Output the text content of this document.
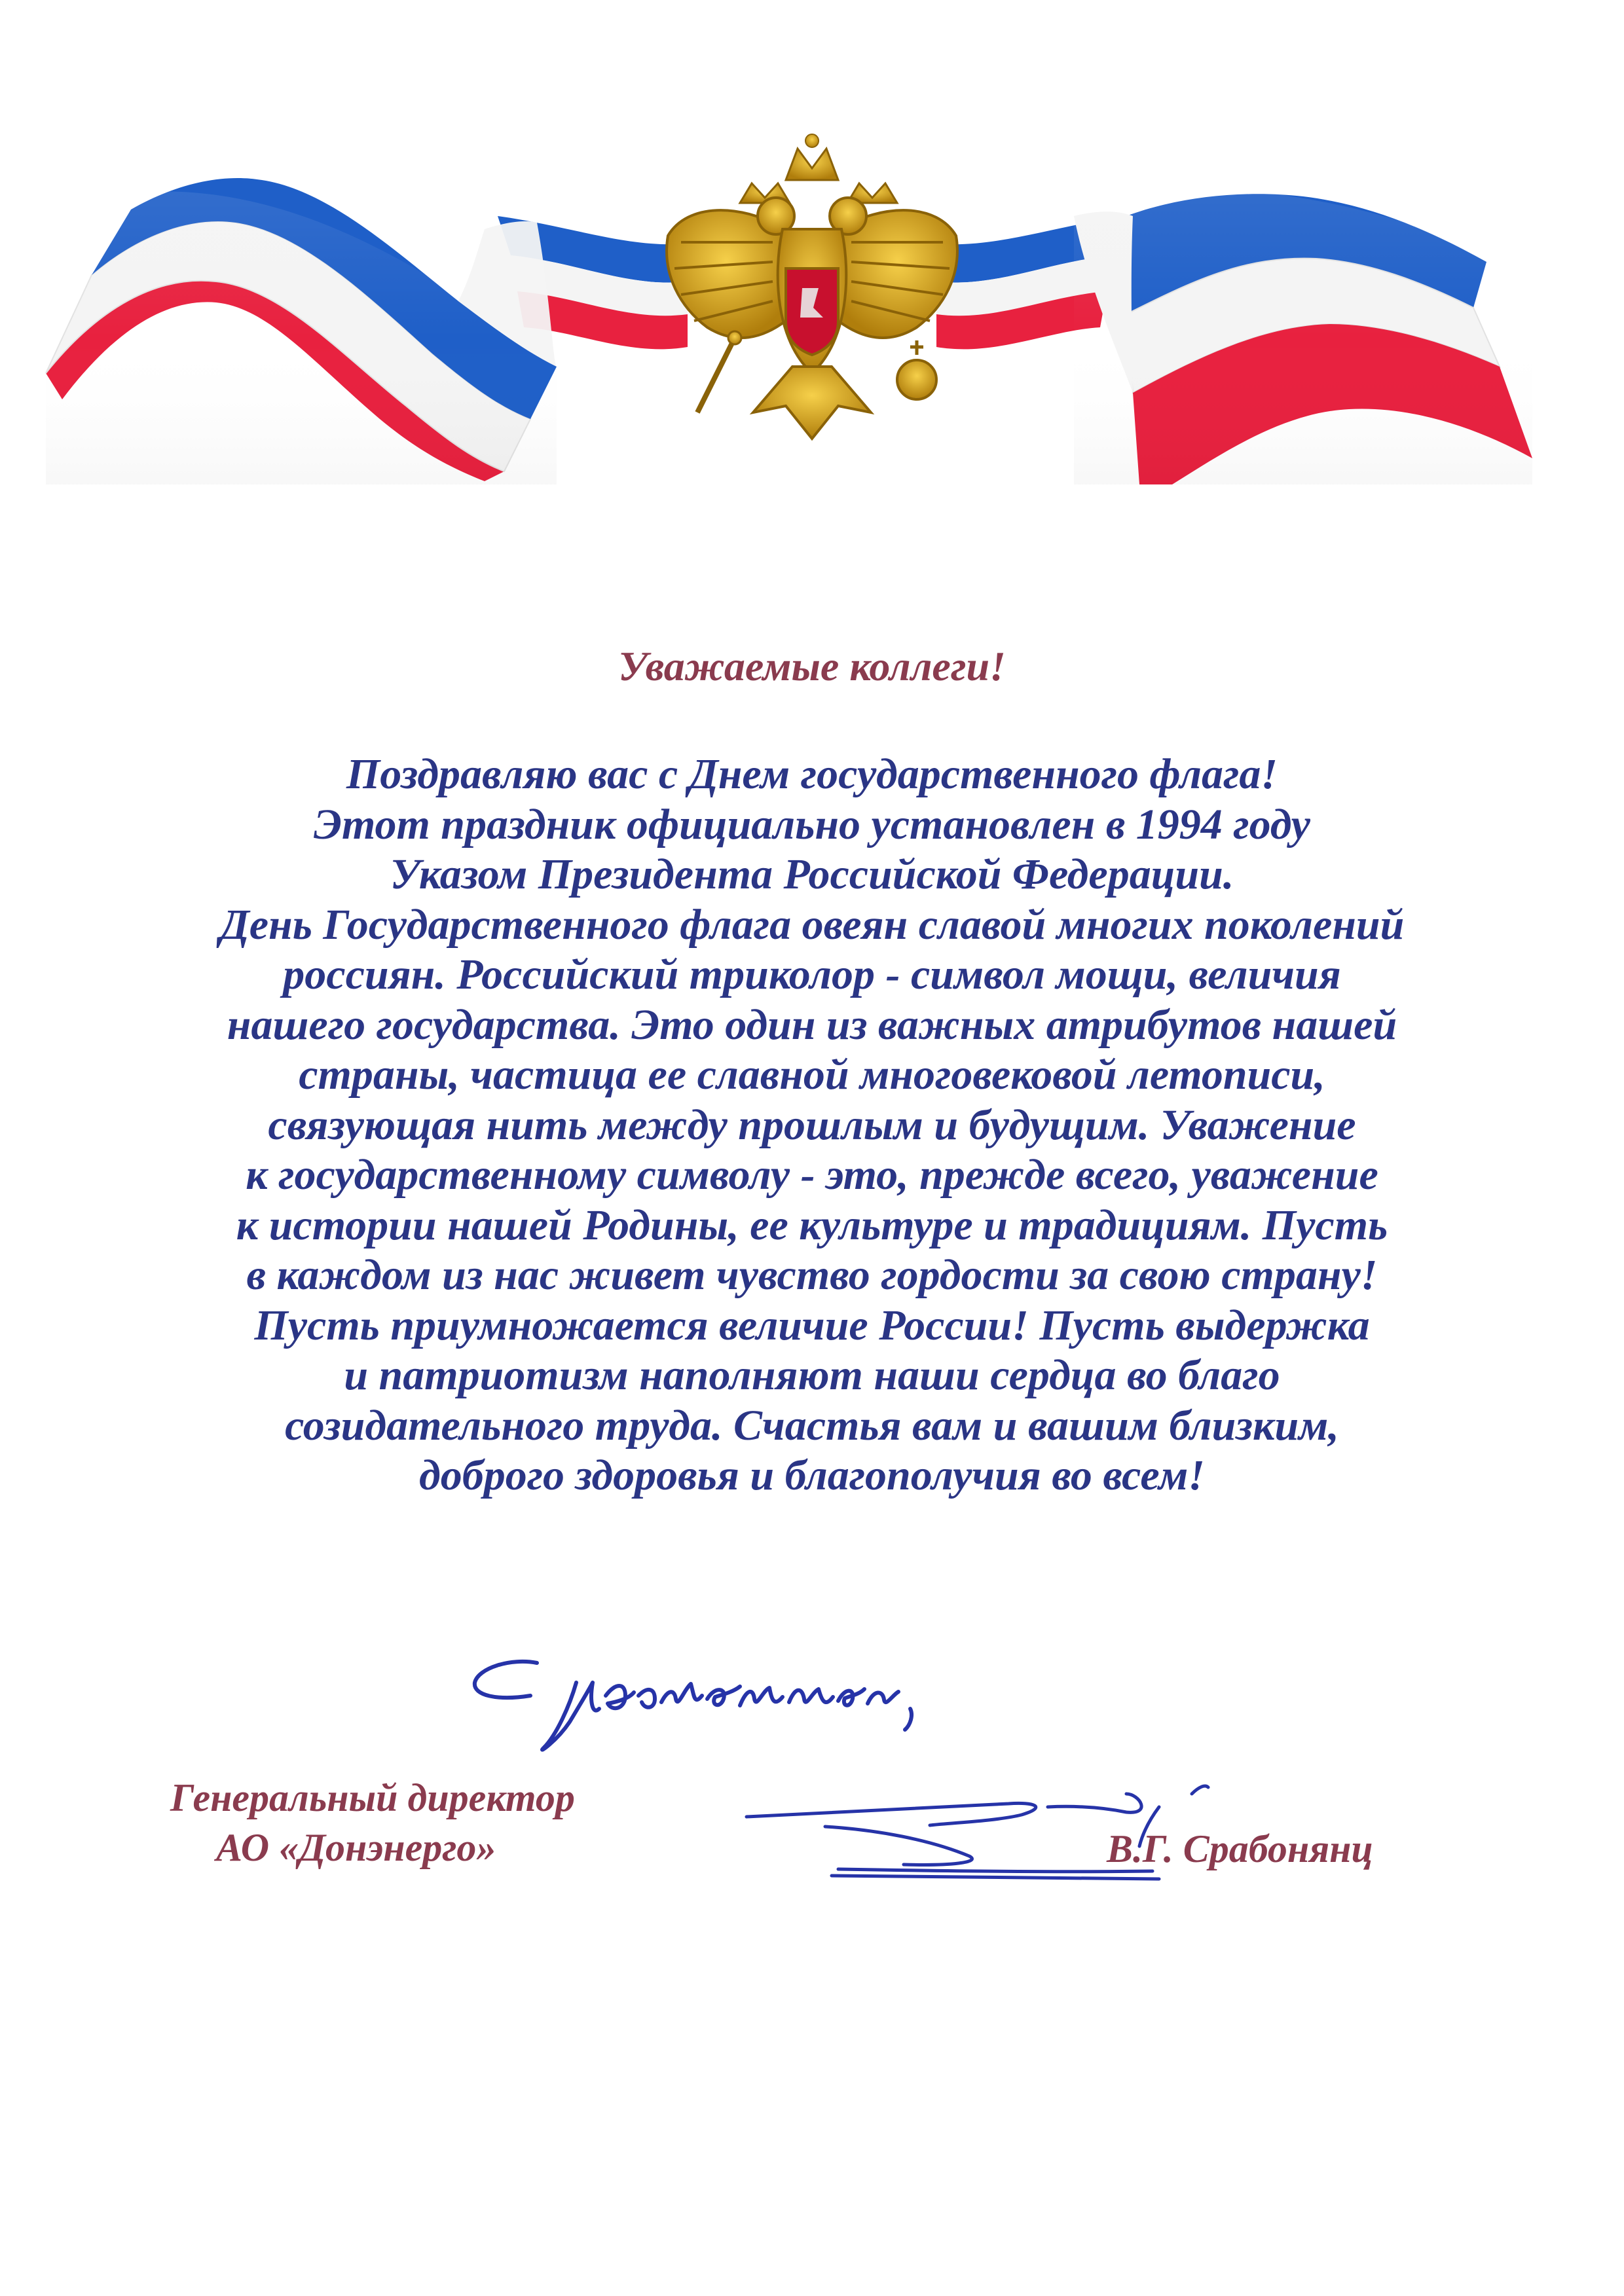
Уважаемые коллеги!
Поздравляю вас с Днем государственного флага!
Этот праздник официально установлен в 1994 году
Указом Президента Российской Федерации.
День Государственного флага овеян славой многих поколений
россиян. Российский триколор - символ мощи, величия
нашего государства. Это один из важных атрибутов нашей
страны, частица ее славной многовековой летописи,
связующая нить между прошлым и будущим. Уважение
к государственному символу - это, прежде всего, уважение
к истории нашей Родины, ее культуре и традициям. Пусть
в каждом из нас живет чувство гордости за свою страну!
Пусть приумножается величие России! Пусть выдержка
и патриотизм наполняют наши сердца во благо
созидательного труда. Счастья вам и вашим близким,
доброго здоровья и благополучия во всем!
Генеральный директор
АО «Донэнерго»	В.Г. Срабонянц
